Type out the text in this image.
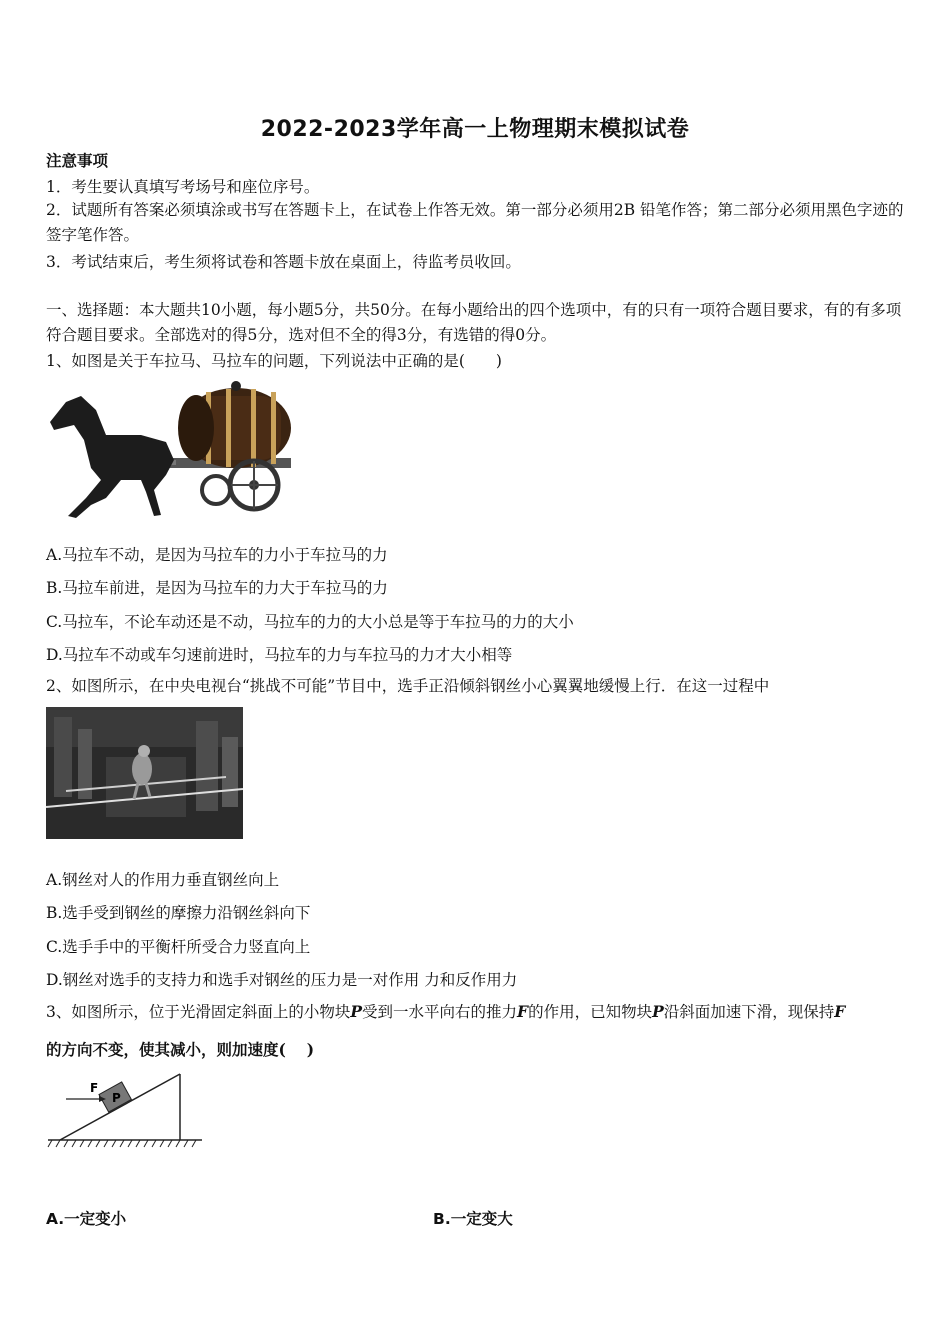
2022-2023学年高一上物理期末模拟试卷
注意事项
1．考生要认真填写考场号和座位序号。
2．试题所有答案必须填涂或书写在答题卡上，在试卷上作答无效。第一部分必须用2B 铅笔作答；第二部分必须用黑色字迹的签字笔作答。
3．考试结束后，考生须将试卷和答题卡放在桌面上，待监考员收回。
一、选择题：本大题共10小题，每小题5分，共50分。在每小题给出的四个选项中，有的只有一项符合题目要求，有的有多项符合题目要求。全部选对的得5分，选对但不全的得3分，有选错的得0分。
1、如图是关于车拉马、马拉车的问题，下列说法中正确的是(　　)
A.马拉车不动，是因为马拉车的力小于车拉马的力
B.马拉车前进，是因为马拉车的力大于车拉马的力
C.马拉车，不论车动还是不动，马拉车的力的大小总是等于车拉马的力的大小
D.马拉车不动或车匀速前进时，马拉车的力与车拉马的力才大小相等
2、如图所示，在中央电视台“挑战不可能”节目中，选手正沿倾斜钢丝小心翼翼地缓慢上行．在这一过程中
A.钢丝对人的作用力垂直钢丝向上
B.选手受到钢丝的摩擦力沿钢丝斜向下
C.选手手中的平衡杆所受合力竖直向上
D.钢丝对选手的支持力和选手对钢丝的压力是一对作用 力和反作用力
3、如图所示，位于光滑固定斜面上的小物块P受到一水平向右的推力F的作用，已知物块P沿斜面加速下滑，现保持F
的方向不变，使其减小，则加速度(　 )
P
F
A.一定变小	B.一定变大
